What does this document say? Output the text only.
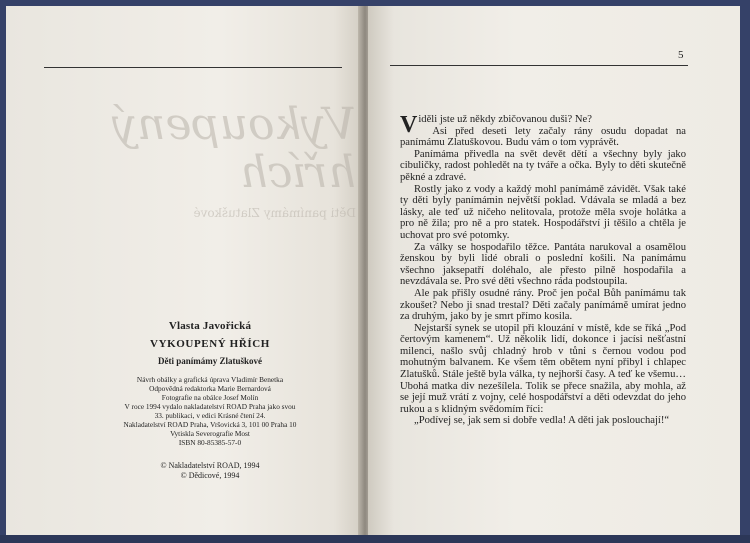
Vykoupený
hřích
Děti panímámy Zlatuškové
Vlasta Javořická
VYKOUPENÝ HŘÍCH
Děti panímámy Zlatuškové
Návrh obálky a grafická úprava Vladimír Benetka
Odpovědná redaktorka Marie Bernardová
Fotografie na obálce Josef Molín
V roce 1994 vydalo nakladatelství ROAD Praha jako svou
33. publikaci, v edici Krásné čtení 24.
Nakladatelství ROAD Praha, Vršovická 3, 101 00 Praha 10
Vytiskla Severografie Most
ISBN 80-85385-57-0
© Nakladatelství ROAD, 1994
© Dědicové, 1994
5

Viděli jste už někdy zbičovanou duši? Ne?

Asi před deseti lety začaly rány osudu dopadat na panímámu Zlatuškovou. Budu vám o tom vyprávět.

Panímáma přivedla na svět devět dětí a všechny byly jako cibuličky, radost pohledět na ty tváře a očka. Byly to děti skutečně pěkné a zdravé.

Rostly jako z vody a každý mohl panímámě závidět. Však také ty děti byly panímámin největší poklad. Vdávala se mladá a bez lásky, ale teď už ničeho nelitovala, protože měla svoje holátka a pro ně žila; pro ně a pro statek. Hospodářství ji těšilo a chtěla je uchovat pro své potomky.

Za války se hospodařilo těžce. Pantáta narukoval a osamělou ženskou by byli lidé obrali o poslední košili. Na panímámu všechno jaksepatří doléhalo, ale přesto pilně hospodařila a nevzdávala se. Pro své děti všechno ráda podstoupila.

Ale pak přišly osudné rány. Proč jen počal Bůh panímámu tak zkoušet? Nebo ji snad trestal? Děti začaly panímámě umírat jedno za druhým, jako by je smrt přímo kosila.

Nejstarší synek se utopil při klouzání v místě, kde se říká „Pod čertovým kamenem“. Už několik lidí, dokonce i jacísi nešťastní milenci, našlo svůj chladný hrob v tůni s černou vodou pod mohutným balvanem. Ke všem těm obětem nyní přibyl i chlapec Zlatušků. Stále ještě byla válka, ty nejhorší časy. A teď ke všemu… Ubohá matka div nezešílela. Tolik se přece snažila, aby mohla, až se její muž vrátí z vojny, celé hospodářství a děti odevzdat do jeho rukou a s klidným svědomím říci:

„Podívej se, jak sem si dobře vedla! A děti jak poslouchají!“
